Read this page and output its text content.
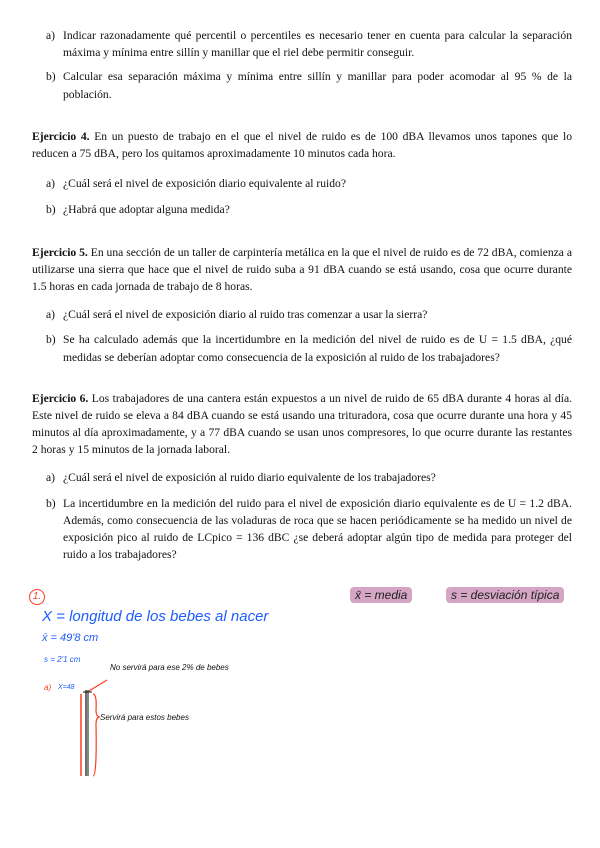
a) Indicar razonadamente qué percentil o percentiles es necesario tener en cuenta para calcular la separación máxima y mínima entre sillín y manillar que el riel debe permitir conseguir.
b) Calcular esa separación máxima y mínima entre sillín y manillar para poder acomodar al 95 % de la población.
Ejercicio 4. En un puesto de trabajo en el que el nivel de ruido es de 100 dBA llevamos unos tapones que lo reducen a 75 dBA, pero los quitamos aproximadamente 10 minutos cada hora.
a) ¿Cuál será el nivel de exposición diario equivalente al ruido?
b) ¿Habrá que adoptar alguna medida?
Ejercicio 5. En una sección de un taller de carpintería metálica en la que el nivel de ruido es de 72 dBA, comienza a utilizarse una sierra que hace que el nivel de ruido suba a 91 dBA cuando se está usando, cosa que ocurre durante 1.5 horas en cada jornada de trabajo de 8 horas.
a) ¿Cuál será el nivel de exposición diario al ruido tras comenzar a usar la sierra?
b) Se ha calculado además que la incertidumbre en la medición del nivel de ruido es de U = 1.5 dBA, ¿qué medidas se deberían adoptar como consecuencia de la exposición al ruido de los trabajadores?
Ejercicio 6. Los trabajadores de una cantera están expuestos a un nivel de ruido de 65 dBA durante 4 horas al día. Este nivel de ruido se eleva a 84 dBA cuando se está usando una trituradora, cosa que ocurre durante una hora y 45 minutos al día aproximadamente, y a 77 dBA cuando se usan unos compresores, lo que ocurre durante las restantes 2 horas y 15 minutos de la jornada laboral.
a) ¿Cuál será el nivel de exposición al ruido diario equivalente de los trabajadores?
b) La incertidumbre en la medición del ruido para el nivel de exposición diario equivalente es de U = 1.2 dBA. Además, como consecuencia de las voladuras de roca que se hacen periódicamente se ha medido un nivel de exposición pico al ruido de LCpico = 136 dBC ¿se deberá adoptar algún tipo de medida para proteger del ruido a los trabajadores?
1.	x̄ = media	s = desviación típica
X = longitud de los bebes al nacer
x̄ = 49'8 cm
s = 2'1 cm
a) X=48
No servirá para ese 2% de bebes
Servirá para estos bebes
